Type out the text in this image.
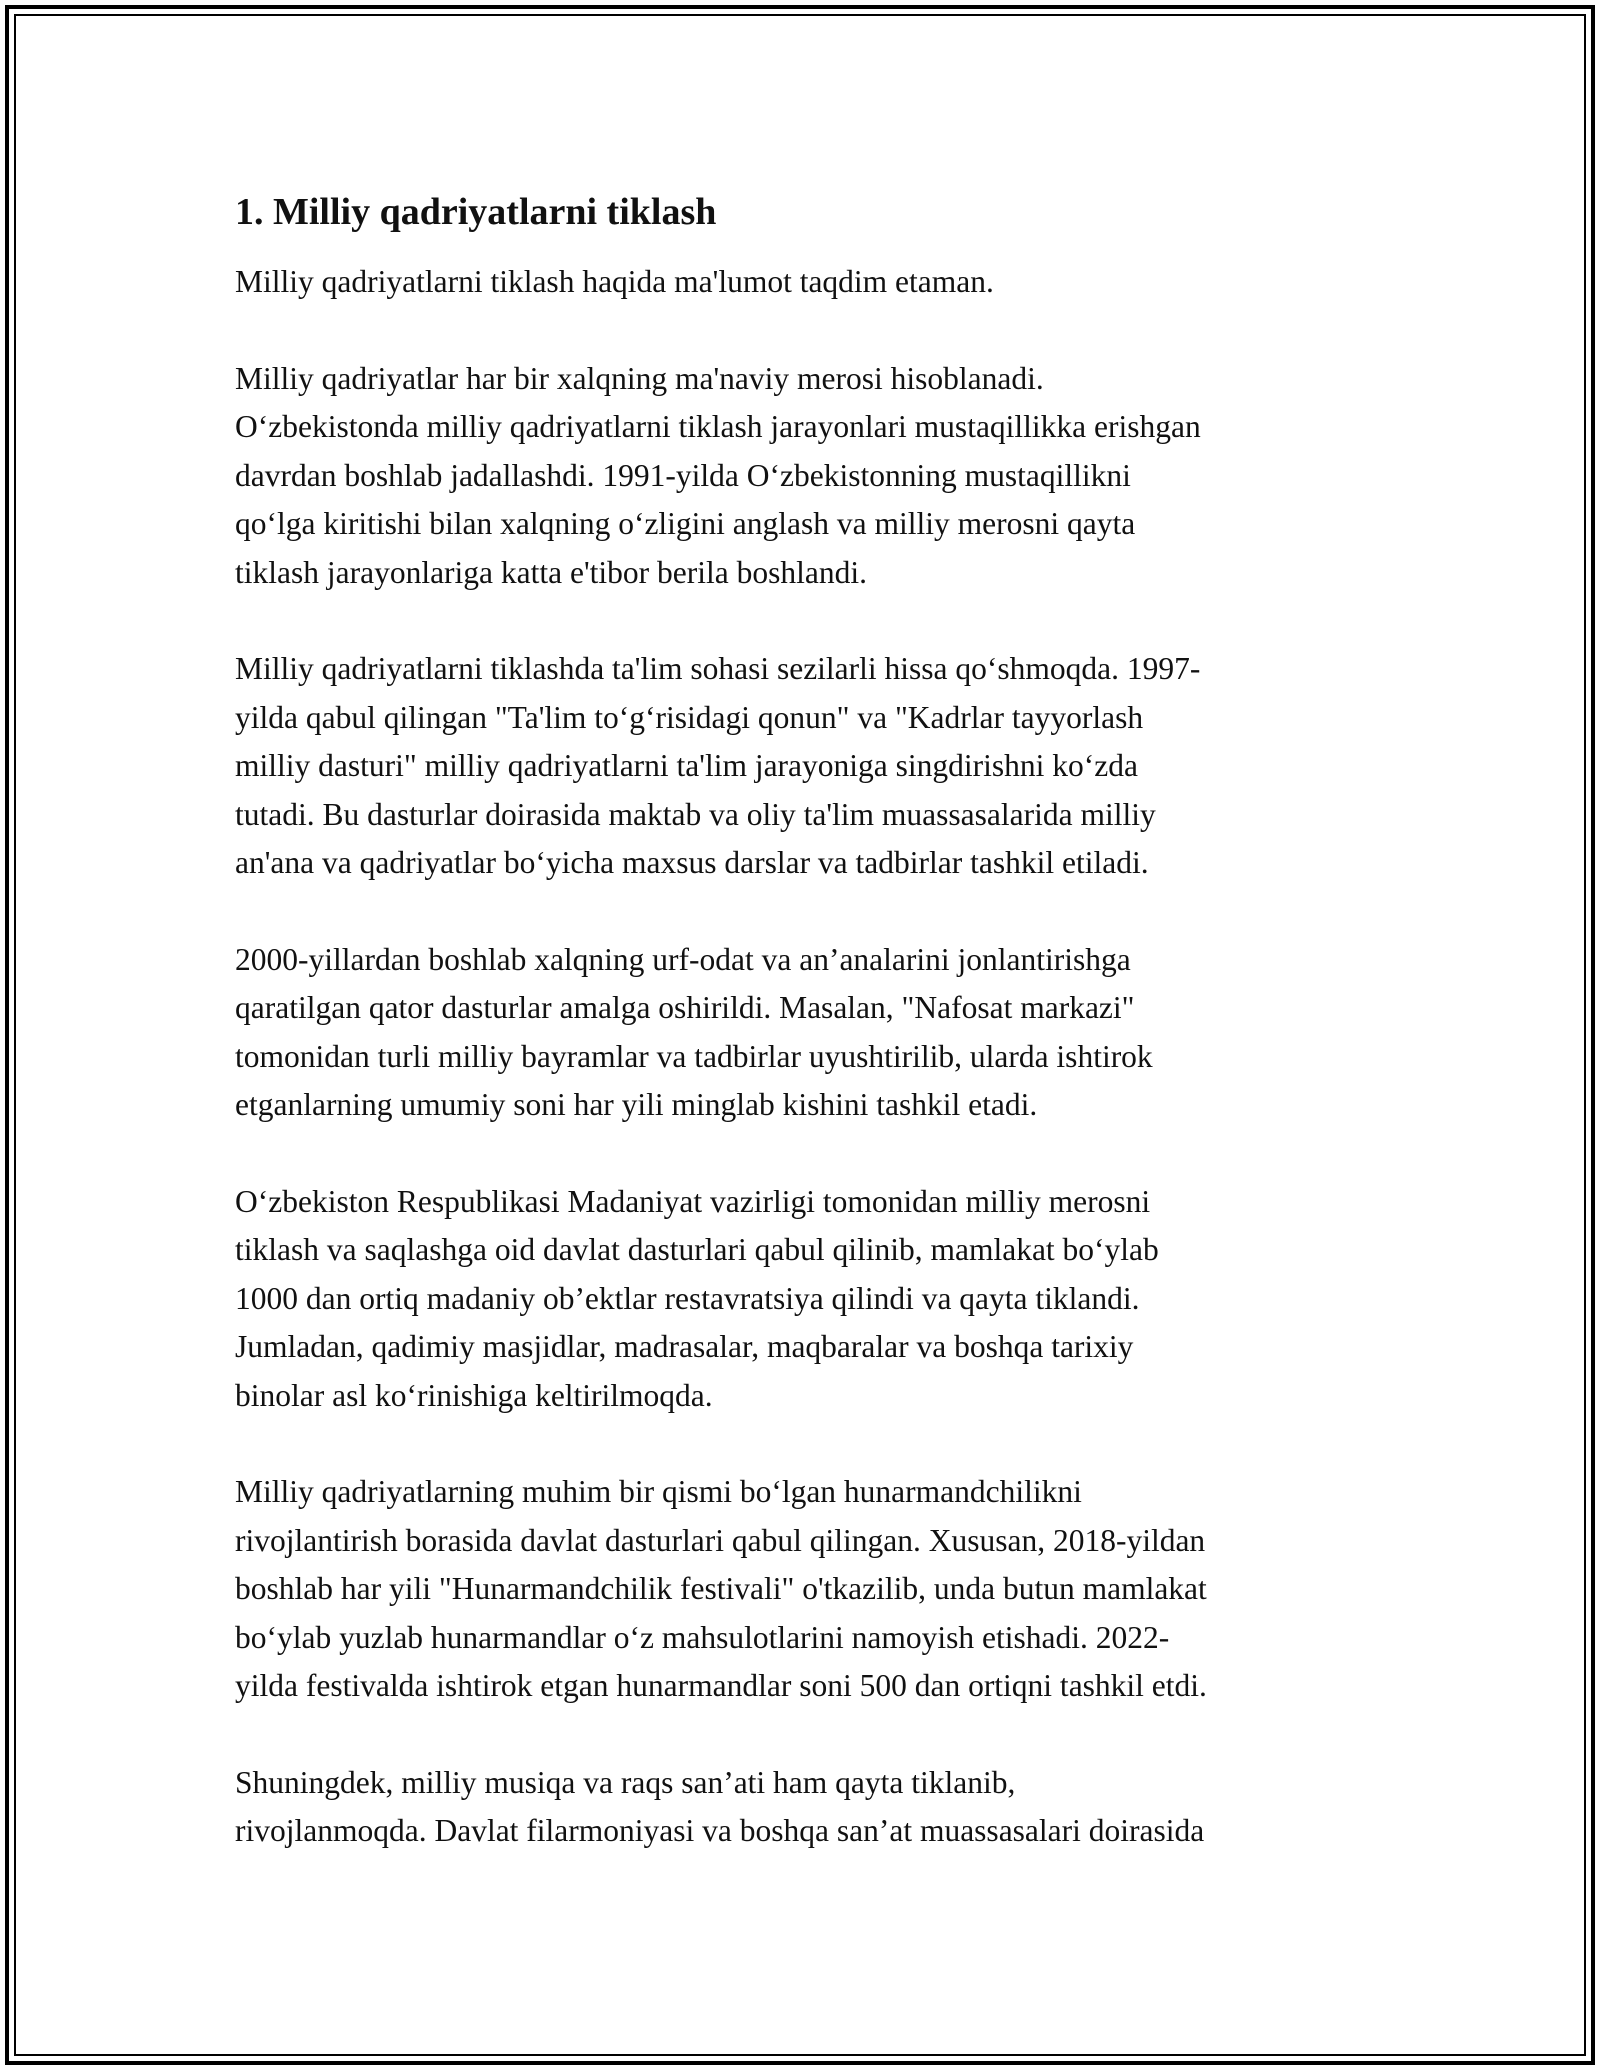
1. Milliy qadriyatlarni tiklash

Milliy qadriyatlarni tiklash haqida ma'lumot taqdim etaman.

Milliy qadriyatlar har bir xalqning ma'naviy merosi hisoblanadi.
O‘zbekistonda milliy qadriyatlarni tiklash jarayonlari mustaqillikka erishgan
davrdan boshlab jadallashdi. 1991-yilda O‘zbekistonning mustaqillikni
qo‘lga kiritishi bilan xalqning o‘zligini anglash va milliy merosni qayta
tiklash jarayonlariga katta e'tibor berila boshlandi.

Milliy qadriyatlarni tiklashda ta'lim sohasi sezilarli hissa qo‘shmoqda. 1997-
yilda qabul qilingan "Ta'lim to‘g‘risidagi qonun" va "Kadrlar tayyorlash
milliy dasturi" milliy qadriyatlarni ta'lim jarayoniga singdirishni ko‘zda
tutadi. Bu dasturlar doirasida maktab va oliy ta'lim muassasalarida milliy
an'ana va qadriyatlar bo‘yicha maxsus darslar va tadbirlar tashkil etiladi.

2000-yillardan boshlab xalqning urf-odat va an’analarini jonlantirishga
qaratilgan qator dasturlar amalga oshirildi. Masalan, "Nafosat markazi"
tomonidan turli milliy bayramlar va tadbirlar uyushtirilib, ularda ishtirok
etganlarning umumiy soni har yili minglab kishini tashkil etadi.

O‘zbekiston Respublikasi Madaniyat vazirligi tomonidan milliy merosni
tiklash va saqlashga oid davlat dasturlari qabul qilinib, mamlakat bo‘ylab
1000 dan ortiq madaniy ob’ektlar restavratsiya qilindi va qayta tiklandi.
Jumladan, qadimiy masjidlar, madrasalar, maqbaralar va boshqa tarixiy
binolar asl ko‘rinishiga keltirilmoqda.

Milliy qadriyatlarning muhim bir qismi bo‘lgan hunarmandchilikni
rivojlantirish borasida davlat dasturlari qabul qilingan. Xususan, 2018-yildan
boshlab har yili "Hunarmandchilik festivali" o'tkazilib, unda butun mamlakat
bo‘ylab yuzlab hunarmandlar o‘z mahsulotlarini namoyish etishadi. 2022-
yilda festivalda ishtirok etgan hunarmandlar soni 500 dan ortiqni tashkil etdi.

Shuningdek, milliy musiqa va raqs san’ati ham qayta tiklanib,
rivojlanmoqda. Davlat filarmoniyasi va boshqa san’at muassasalari doirasida
